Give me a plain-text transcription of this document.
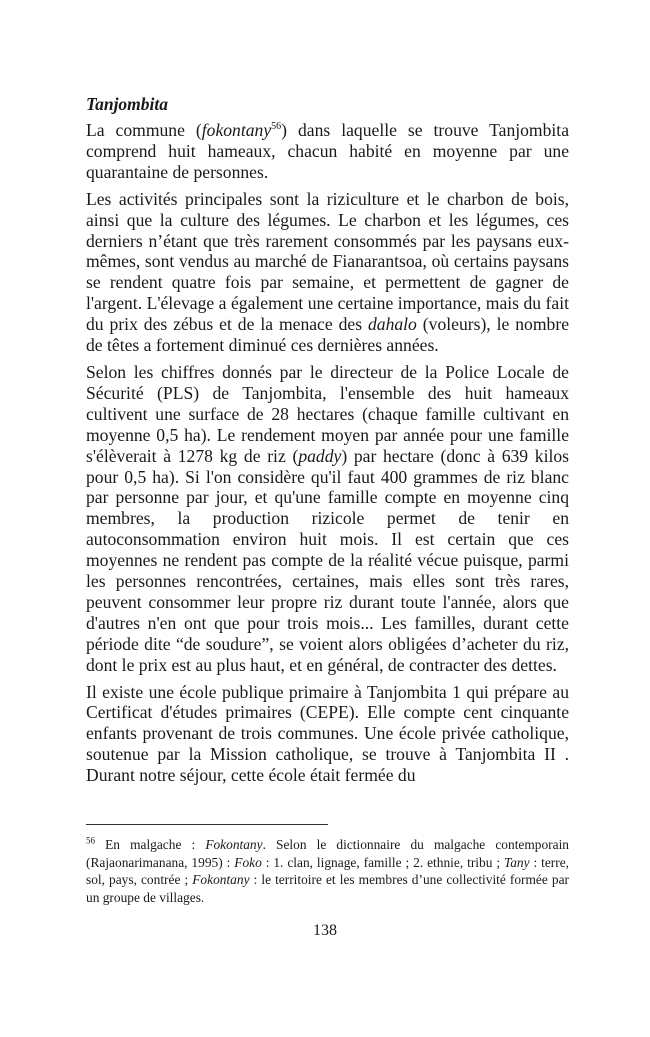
Tanjombita

La commune (fokontany$^{56}$) dans laquelle se trouve Tanjombita comprend huit hameaux, chacun habité en moyenne par une quarantaine de personnes.

Les activités principales sont la riziculture et le charbon de bois, ainsi que la culture des légumes. Le charbon et les légumes, ces derniers n’étant que très rarement consommés par les paysans eux-mêmes, sont vendus au marché de Fianarantsoa, où certains paysans se rendent quatre fois par semaine, et permettent de gagner de l'argent. L'élevage a également une certaine importance, mais du fait du prix des zébus et de la menace des dahalo (voleurs), le nombre de têtes a fortement diminué ces dernières années.

Selon les chiffres donnés par le directeur de la Police Locale de Sécurité (PLS) de Tanjombita, l'ensemble des huit hameaux cultivent une surface de 28 hectares (chaque famille cultivant en moyenne 0,5 ha). Le rendement moyen par année pour une famille s'élèverait à 1278 kg de riz (paddy) par hectare (donc à 639 kilos pour 0,5 ha). Si l'on considère qu'il faut 400 grammes de riz blanc par personne par jour, et qu'une famille compte en moyenne cinq membres, la production rizicole permet de tenir en autoconsommation environ huit mois. Il est certain que ces moyennes ne rendent pas compte de la réalité vécue puisque, parmi les personnes rencontrées, certaines, mais elles sont très rares, peuvent consommer leur propre riz durant toute l'année, alors que d'autres n'en ont que pour trois mois... Les familles, durant cette période dite “de soudure”, se voient alors obligées d’acheter du riz, dont le prix est au plus haut, et en général, de contracter des dettes.

Il existe une école publique primaire à Tanjombita 1 qui prépare au Certificat d'études primaires (CEPE). Elle compte cent cinquante enfants provenant de trois communes. Une école privée catholique, soutenue par la Mission catholique, se trouve à Tanjombita II . Durant notre séjour, cette école était fermée du

$^{56}$ En malgache : Fokontany. Selon le dictionnaire du malgache contemporain (Rajaonarimanana, 1995) : Foko : 1. clan, lignage, famille ; 2. ethnie, tribu ; Tany : terre, sol, pays, contrée ; Fokontany : le territoire et les membres d’une collectivité formée par un groupe de villages.
138
